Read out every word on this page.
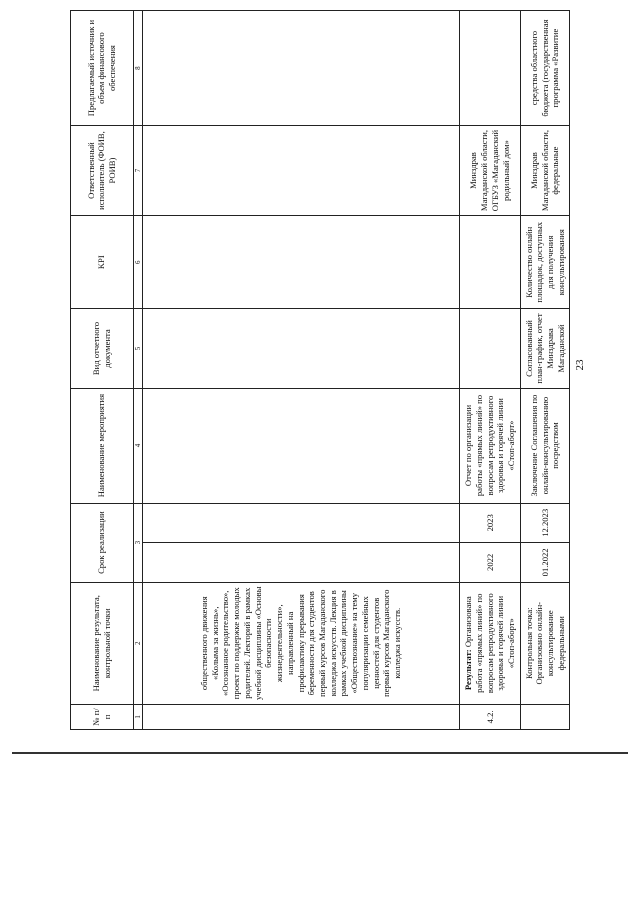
№ п/п	Наименование результата, контрольной точки	Срок реализации		Наименование мероприятия	Вид отчетного документа	KPI	Ответственный исполнитель (ФОИВ, РОИВ)	Предлагаемый источник и объем финансового обеспечения
1	2	3		4	5	6	7	8
	общественного движения «Колыма за жизнь», «Осознанное родительство», проект по поддержке молодых родителей. Лекторий в рамках учебной дисциплины «Основы безопасности жизнедеятельности», направленный на профилактику прерывания беременности для студентов первый курсов Магаданского колледжа искусств. Лекция в рамках учебной дисциплины «Обществознание» на тему популяризации семейных ценностей для студентов первый курсов Магаданского колледжа искусств.							
4.2.	Результат: Организована работа «прямых линий» по вопросам репродуктивного здоровья и горячей линии «Стоп-аборт»	2022	2023	Отчет по организации работы «прямых линий» по вопросам репродуктивного здоровья и горячей линии «Стоп-аборт»			Минздрав Магаданской области, ОГБУЗ «Магаданский родильный дом»	
	Контрольная точка: Организовано онлайн-консультирование федеральными	01.2022	12.2023	Заключение Соглашения по онлайн-консультированию посредством	Согласованный план-график, отчет Минздрава Магаданской	Количество онлайн площадок, доступных для получения консультирования	Минздрав Магаданской области, федеральные	средства областного бюджета (государственная программа «Развитие
23
